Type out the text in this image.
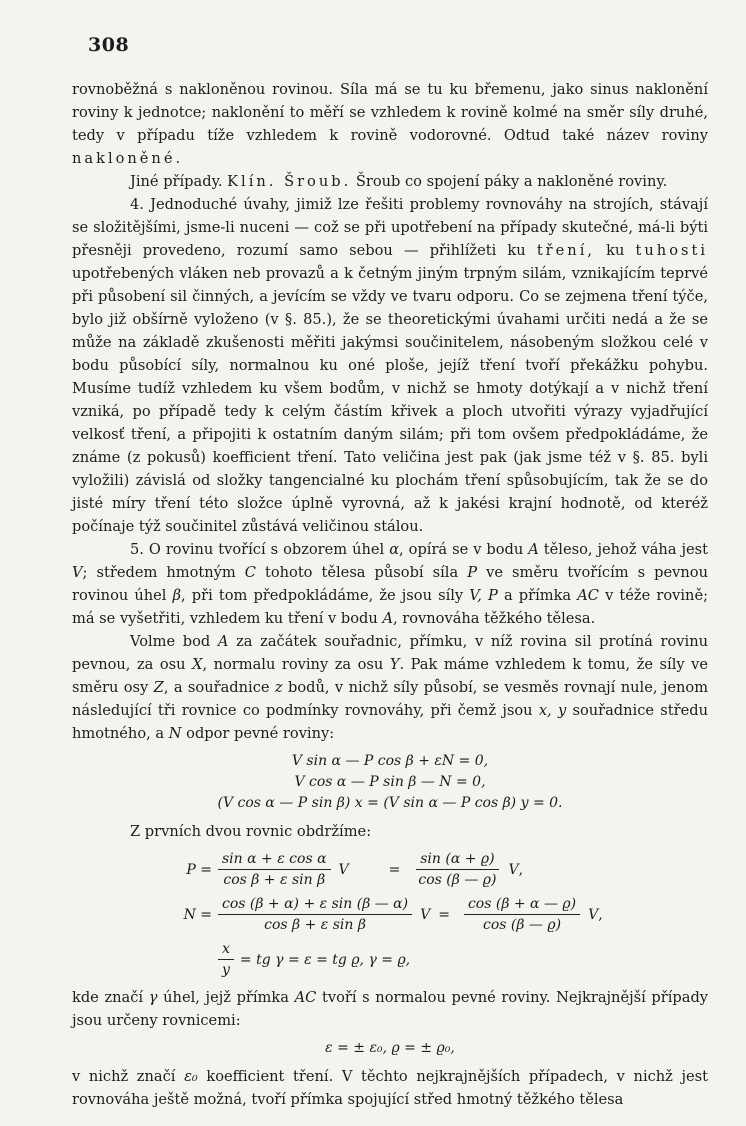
308

rovnoběžná s nakloněnou rovinou. Síla má se tu ku břemenu, jako sinus naklonění roviny k jednotce; naklonění to měří se vzhledem k rovině kolmé na směr síly druhé, tedy v případu tíže vzhledem k rovině vodorovné. Odtud také název roviny nakloněné.

Jiné případy. Klín. Šroub. Šroub co spojení páky a nakloněné roviny.

4. Jednoduché úvahy, jimiž lze řešiti problemy rovnováhy na strojích, stávají se složitějšími, jsme-li nuceni — což se při upotřebení na případy skutečné, má-li býti přesněji provedeno, rozumí samo sebou — přihlížeti ku tření, ku tuhosti upotřebených vláken neb provazů a k četným jiným trpným silám, vznikajícím teprvé při působení sil činných, a jevícím se vždy ve tvaru odporu. Co se zejmena tření týče, bylo již obšírně vyloženo (v §. 85.), že se theoretickými úvahami určiti nedá a že se může na základě zkušenosti měřiti jakýmsi součinitelem, násobeným složkou celé v bodu působící síly, normalnou ku oné ploše, jejíž tření tvoří překážku pohybu. Musíme tudíž vzhledem ku všem bodům, v nichž se hmoty dotýkají a v nichž tření vzniká, po případě tedy k celým částím křivek a ploch utvořiti výrazy vyjadřující velkosť tření, a připojiti k ostatním daným silám; při tom ovšem předpokládáme, že známe (z pokusů) koefficient tření. Tato veličina jest pak (jak jsme též v §. 85. byli vyložili) závislá od složky tangencialné ku plochám tření spůsobujícím, tak že se do jisté míry tření této složce úplně vyrovná, až k jakési krajní hodnotě, od kteréž počínaje týž součinitel zůstává veličinou stálou.

5. O rovinu tvořící s obzorem úhel α, opírá se v bodu A těleso, jehož váha jest V; středem hmotným C tohoto tělesa působí síla P ve směru tvořícím s pevnou rovinou úhel β, při tom předpokládáme, že jsou síly V, P a přímka AC v téže rovině; má se vyšetřiti, vzhledem ku tření v bodu A, rovnováha těžkého tělesa.

Volme bod A za začátek souřadnic, přímku, v níž rovina sil protíná rovinu pevnou, za osu X, normalu roviny za osu Y. Pak máme vzhledem k tomu, že síly ve směru osy Z, a souřadnice z bodů, v nichž síly působí, se vesměs rovnají nule, jenom následující tři rovnice co podmínky rovnováhy, při čemž jsou x, y souřadnice středu hmotného, a N odpor pevné roviny:

V sin α — P cos β + εN = 0,
V cos α — P sin β — N = 0,
(V cos α — P sin β) x = (V sin α — P cos β) y = 0.

Z prvních dvou rovnic obdržíme:

$P = \frac{\text{sin α + ε cos α}}{\text{cos β + ε sin β}}$ V	= $\frac{\sin (\alpha + ϱ)}{\cos (\beta — ϱ)}$ V ,
$N = \frac{\text{cos (β + α) + ε sin (β — α)}}{\text{cos β + ε sin β}}$ $V = \frac{\cos (\beta + \alpha — ϱ)}{\cos (\beta — ϱ)}$ V ,
$\frac{x}{y}$ = tg γ = ε = tg ϱ, γ = ϱ,

kde značí γ úhel, jejž přímka AC tvoří s normalou pevné roviny. Nejkrajnější případy jsou určeny rovnicemi:

ε = ± ε₀, ϱ = ± ϱ₀,

v nichž značí ε₀ koefficient tření. V těchto nejkrajnějších případech, v nichž jest rovnováha ještě možná, tvoří přímka spojující střed hmotný těžkého tělesa
